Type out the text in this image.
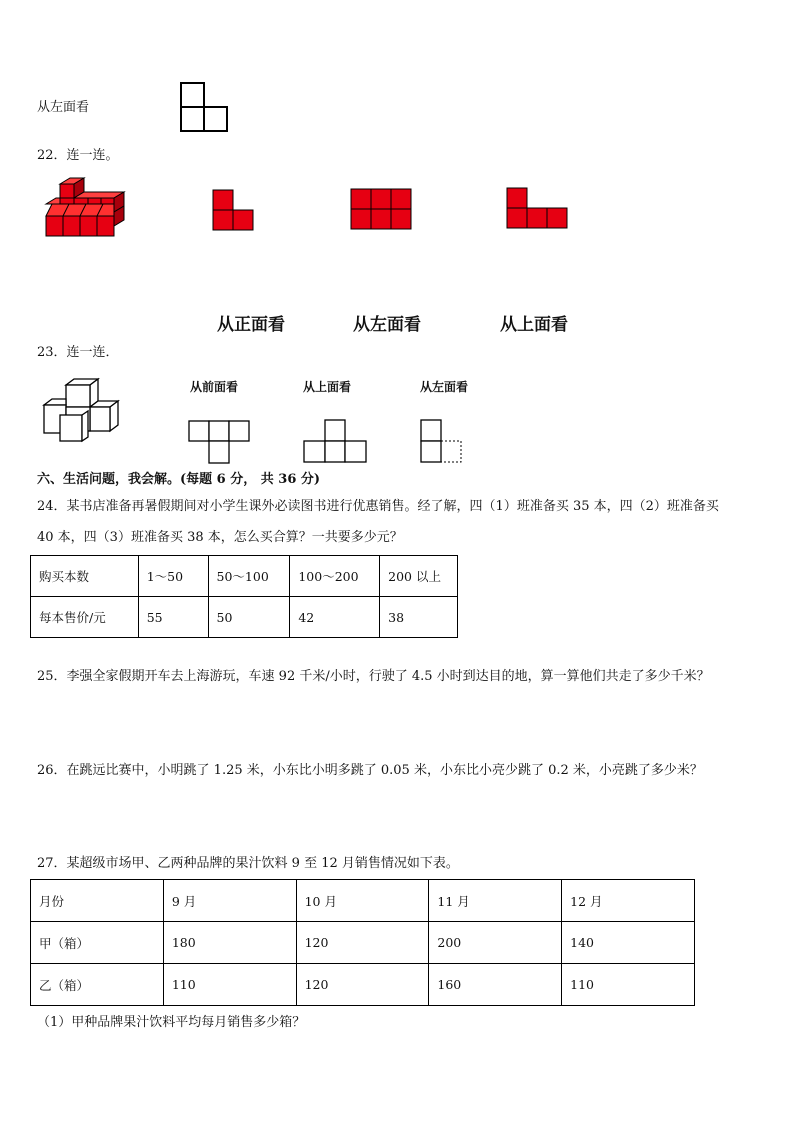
从左面看
22．连一连。
从正面看	从左面看	从上面看
23．连一连．
从前面看	从上面看	从左面看
六、生活问题，我会解。(每题 6 分， 共 36 分)
24．某书店准备再暑假期间对小学生课外必读图书进行优惠销售。经了解，四（1）班准备买 35 本，四（2）班准备买
40 本，四（3）班准备买 38 本，怎么买合算？一共要多少元？
购买本数	1～50	50～100	100～200	200 以上
每本售价/元	55	50	42	38
25．李强全家假期开车去上海游玩，车速 92 千米/小时，行驶了 4.5 小时到达目的地，算一算他们共走了多少千米？
26．在跳远比赛中，小明跳了 1.25 米，小东比小明多跳了 0.05 米，小东比小亮少跳了 0.2 米，小亮跳了多少米？
27．某超级市场甲、乙两种品牌的果汁饮料 9 至 12 月销售情况如下表。
月份	9 月	10 月	11 月	12 月
甲（箱）	180	120	200	140
乙（箱）	110	120	160	110
（1）甲种品牌果汁饮料平均每月销售多少箱？
